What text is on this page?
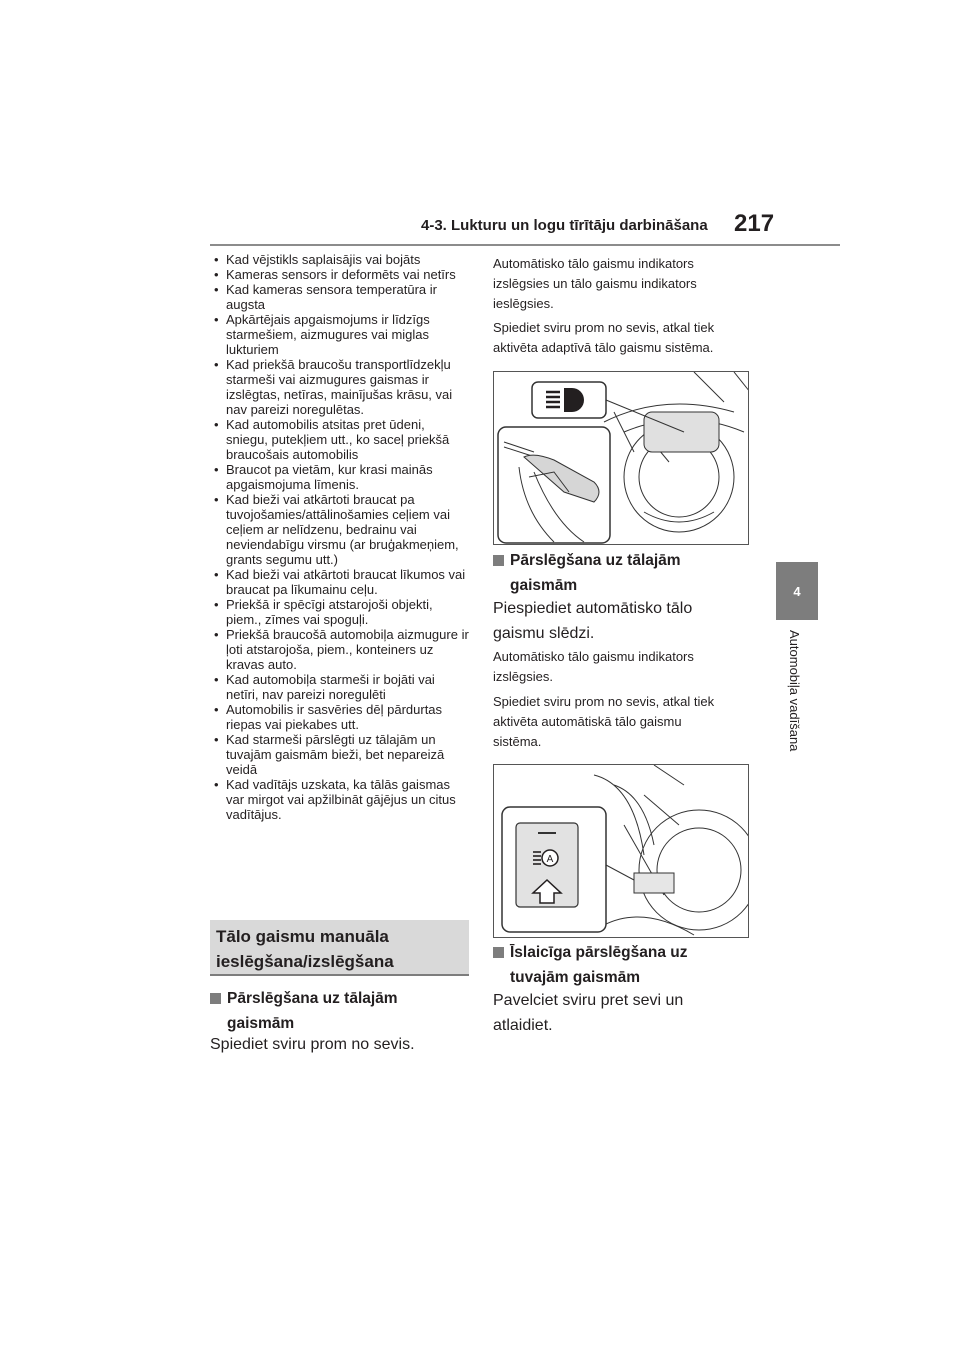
4-3. Lukturu un logu tīrītāju darbināšana 217
4
Automobiļa vadīšana
• Kad vējstikls saplaisājis vai bojāts
• Kameras sensors ir deformēts vai netīrs
• Kad kameras sensora temperatūra ir augsta
• Apkārtējais apgaismojums ir līdzīgs starmešiem, aizmugures vai miglas lukturiem
• Kad priekšā braucošu transportlīdzekļu starmeši vai aizmugures gaismas ir izslēgtas, netīras, mainījušas krāsu, vai nav pareizi noregulētas.
• Kad automobilis atsitas pret ūdeni, sniegu, putekļiem utt., ko saceļ priekšā braucošais automobilis
• Braucot pa vietām, kur krasi mainās apgaismojuma līmenis.
• Kad bieži vai atkārtoti braucat pa tuvojošamies/attālinošamies ceļiem vai ceļiem ar nelīdzenu, bedrainu vai neviendabīgu virsmu (ar bruģakmeņiem, grants segumu utt.)
• Kad bieži vai atkārtoti braucat līkumos vai braucat pa līkumainu ceļu.
• Priekšā ir spēcīgi atstarojoši objekti, piem., zīmes vai spoguļi.
• Priekšā braucošā automobiļa aizmugure ir ļoti atstarojoša, piem., konteiners uz kravas auto.
• Kad automobiļa starmeši ir bojāti vai netīri, nav pareizi noregulēti
• Automobilis ir sasvēries dēļ pārdurtas riepas vai piekabes utt.
• Kad starmeši pārslēgti uz tālajām un tuvajām gaismām bieži, bet nepareizā veidā
• Kad vadītājs uzskata, ka tālās gaismas var mirgot vai apžilbināt gājējus un citus vadītājus.
Tālo gaismu manuāla
ieslēgšana/izslēgšana
Pārslēgšana uz tālajām
gaismām
Spiediet sviru prom no sevis.
Automātisko tālo gaismu indikators
izslēgsies un tālo gaismu indikators
ieslēgsies.
Spiediet sviru prom no sevis, atkal tiek
aktivēta adaptīvā tālo gaismu sistēma.
Pārslēgšana uz tālajām
gaismām
Piespiediet automātisko tālo
gaismu slēdzi.
Automātisko tālo gaismu indikators
izslēgsies.
Spiediet sviru prom no sevis, atkal tiek
aktivēta automātiskā tālo gaismu
sistēma.
A
Īslaicīga pārslēgšana uz
tuvajām gaismām
Pavelciet sviru pret sevi un
atlaidiet.
